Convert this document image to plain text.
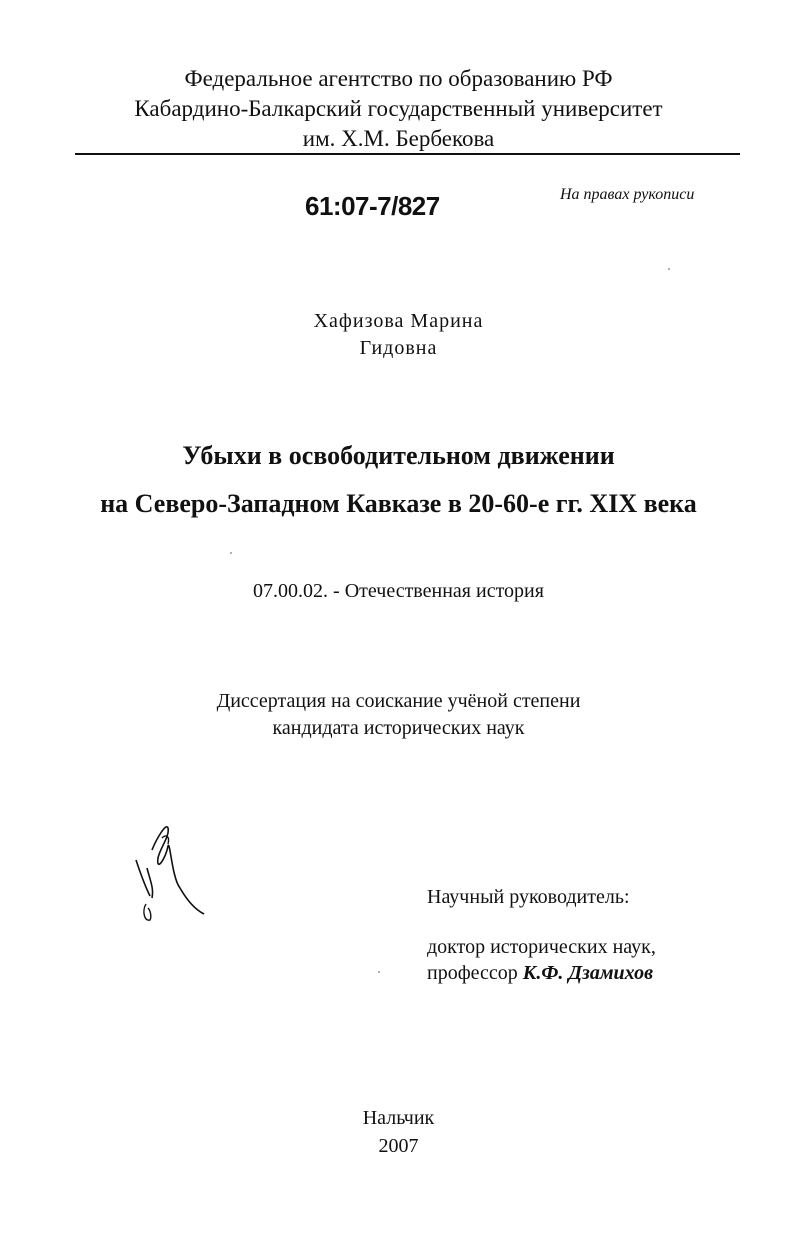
Федеральное агентство по образованию РФ
Кабардино-Балкарский государственный университет
им. Х.М. Бербекова
61:07-7/827	На правах рукописи
Хафизова Марина
Гидовна
Убыхи в освободительном движении
на Северо-Западном Кавказе в 20-60-е гг. XIX века
07.00.02. - Отечественная история
Диссертация на соискание учёной степени
кандидата исторических наук
Научный руководитель:
доктор исторических наук,
профессор К.Ф. Дзамихов
Нальчик
2007
